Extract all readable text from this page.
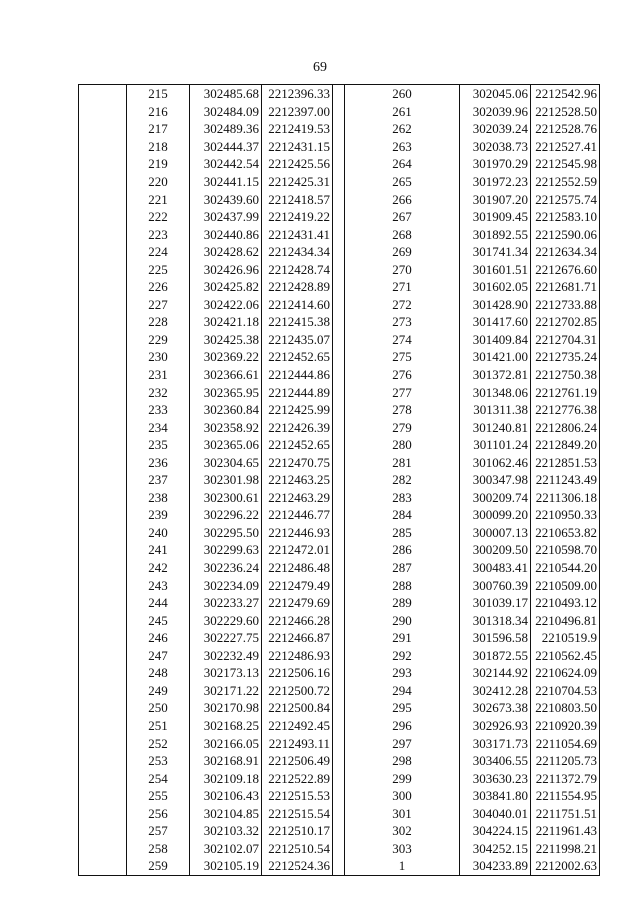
69
	215	302485.68	2212396.33		260	302045.06	2212542.96
	216	302484.09	2212397.00		261	302039.96	2212528.50
	217	302489.36	2212419.53		262	302039.24	2212528.76
	218	302444.37	2212431.15		263	302038.73	2212527.41
	219	302442.54	2212425.56		264	301970.29	2212545.98
	220	302441.15	2212425.31		265	301972.23	2212552.59
	221	302439.60	2212418.57		266	301907.20	2212575.74
	222	302437.99	2212419.22		267	301909.45	2212583.10
	223	302440.86	2212431.41		268	301892.55	2212590.06
	224	302428.62	2212434.34		269	301741.34	2212634.34
	225	302426.96	2212428.74		270	301601.51	2212676.60
	226	302425.82	2212428.89		271	301602.05	2212681.71
	227	302422.06	2212414.60		272	301428.90	2212733.88
	228	302421.18	2212415.38		273	301417.60	2212702.85
	229	302425.38	2212435.07		274	301409.84	2212704.31
	230	302369.22	2212452.65		275	301421.00	2212735.24
	231	302366.61	2212444.86		276	301372.81	2212750.38
	232	302365.95	2212444.89		277	301348.06	2212761.19
	233	302360.84	2212425.99		278	301311.38	2212776.38
	234	302358.92	2212426.39		279	301240.81	2212806.24
	235	302365.06	2212452.65		280	301101.24	2212849.20
	236	302304.65	2212470.75		281	301062.46	2212851.53
	237	302301.98	2212463.25		282	300347.98	2211243.49
	238	302300.61	2212463.29		283	300209.74	2211306.18
	239	302296.22	2212446.77		284	300099.20	2210950.33
	240	302295.50	2212446.93		285	300007.13	2210653.82
	241	302299.63	2212472.01		286	300209.50	2210598.70
	242	302236.24	2212486.48		287	300483.41	2210544.20
	243	302234.09	2212479.49		288	300760.39	2210509.00
	244	302233.27	2212479.69		289	301039.17	2210493.12
	245	302229.60	2212466.28		290	301318.34	2210496.81
	246	302227.75	2212466.87		291	301596.58	2210519.9
	247	302232.49	2212486.93		292	301872.55	2210562.45
	248	302173.13	2212506.16		293	302144.92	2210624.09
	249	302171.22	2212500.72		294	302412.28	2210704.53
	250	302170.98	2212500.84		295	302673.38	2210803.50
	251	302168.25	2212492.45		296	302926.93	2210920.39
	252	302166.05	2212493.11		297	303171.73	2211054.69
	253	302168.91	2212506.49		298	303406.55	2211205.73
	254	302109.18	2212522.89		299	303630.23	2211372.79
	255	302106.43	2212515.53		300	303841.80	2211554.95
	256	302104.85	2212515.54		301	304040.01	2211751.51
	257	302103.32	2212510.17		302	304224.15	2211961.43
	258	302102.07	2212510.54		303	304252.15	2211998.21
	259	302105.19	2212524.36		1	304233.89	2212002.63
